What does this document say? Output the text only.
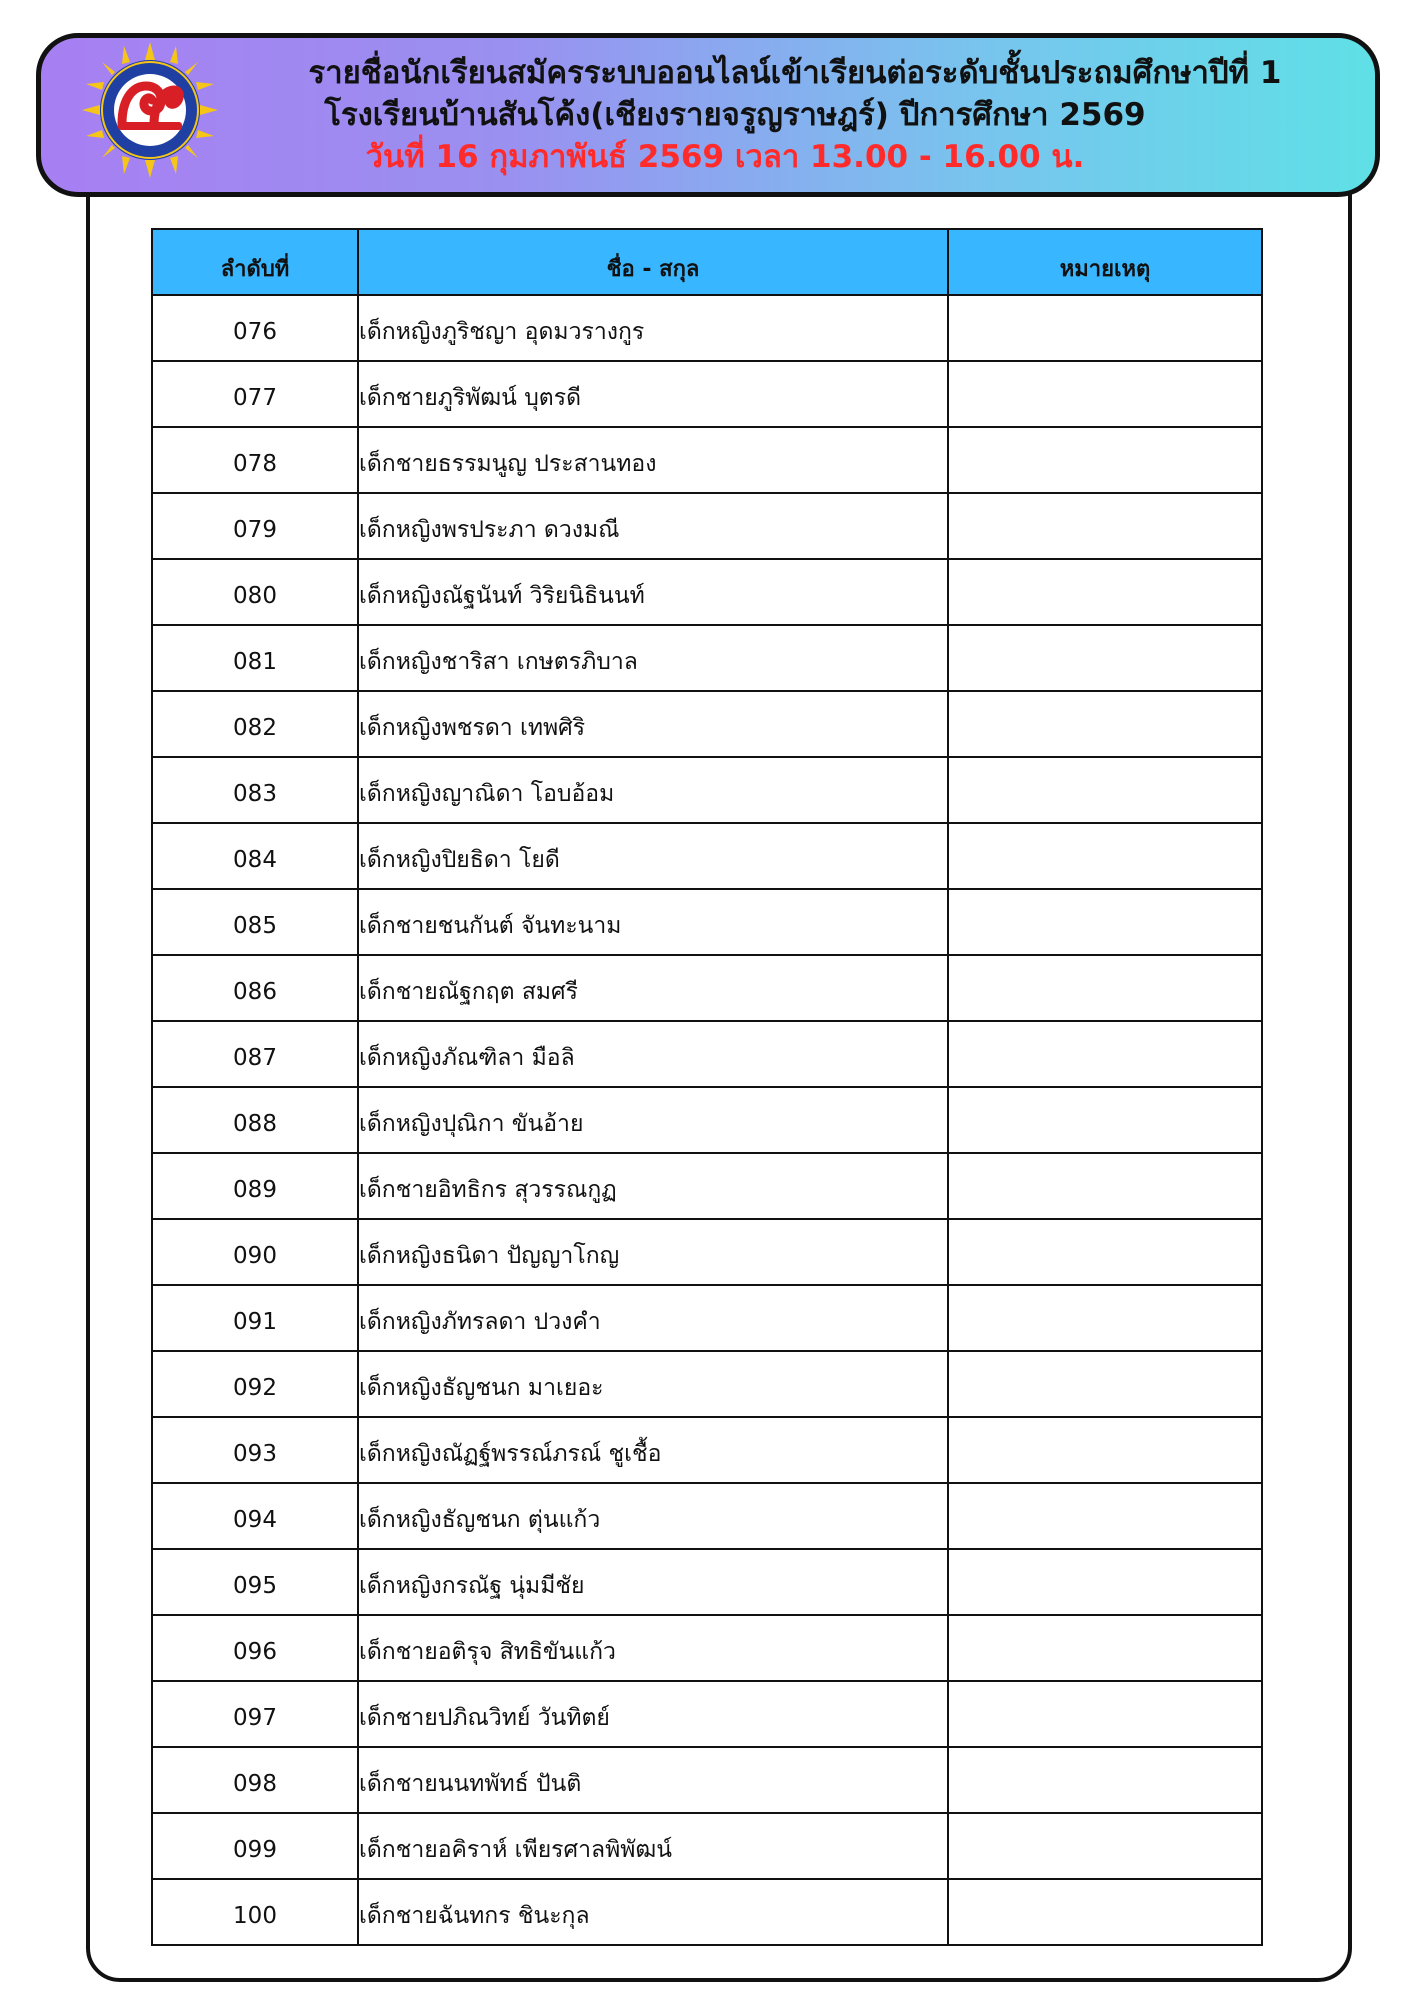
รายชื่อนักเรียนสมัครระบบออนไลน์เข้าเรียนต่อระดับชั้นประถมศึกษาปีที่ 1
โรงเรียนบ้านสันโค้ง(เชียงรายจรูญราษฎร์) ปีการศึกษา 2569
วันที่ 16 กุมภาพันธ์ 2569 เวลา 13.00 - 16.00 น.
ลำดับที่	ชื่อ - สกุล	หมายเหตุ
076	เด็กหญิงภูริชญา อุดมวรางกูร	
077	เด็กชายภูริพัฒน์ บุตรดี	
078	เด็กชายธรรมนูญ ประสานทอง	
079	เด็กหญิงพรประภา ดวงมณี	
080	เด็กหญิงณัฐนันท์ วิริยนิธินนท์	
081	เด็กหญิงชาริสา เกษตรภิบาล	
082	เด็กหญิงพชรดา เทพศิริ	
083	เด็กหญิงญาณิดา โอบอ้อม	
084	เด็กหญิงปิยธิดา โยดี	
085	เด็กชายชนกันต์ จันทะนาม	
086	เด็กชายณัฐกฤต สมศรี	
087	เด็กหญิงภัณฑิลา มือลิ	
088	เด็กหญิงปุณิกา ขันอ้าย	
089	เด็กชายอิทธิกร สุวรรณกูฏ	
090	เด็กหญิงธนิดา ปัญญาโกญ	
091	เด็กหญิงภัทรลดา ปวงคำ	
092	เด็กหญิงธัญชนก มาเยอะ	
093	เด็กหญิงณัฏฐ์พรรณ์ภรณ์ ชูเชื้อ	
094	เด็กหญิงธัญชนก ตุ่นแก้ว	
095	เด็กหญิงกรณัฐ นุ่มมีชัย	
096	เด็กชายอติรุจ สิทธิขันแก้ว	
097	เด็กชายปภิณวิทย์ วันทิตย์	
098	เด็กชายนนทพัทธ์ ปันติ	
099	เด็กชายอคิราห์ เพียรศาลพิพัฒน์	
100	เด็กชายฉันทกร ชินะกุล	
